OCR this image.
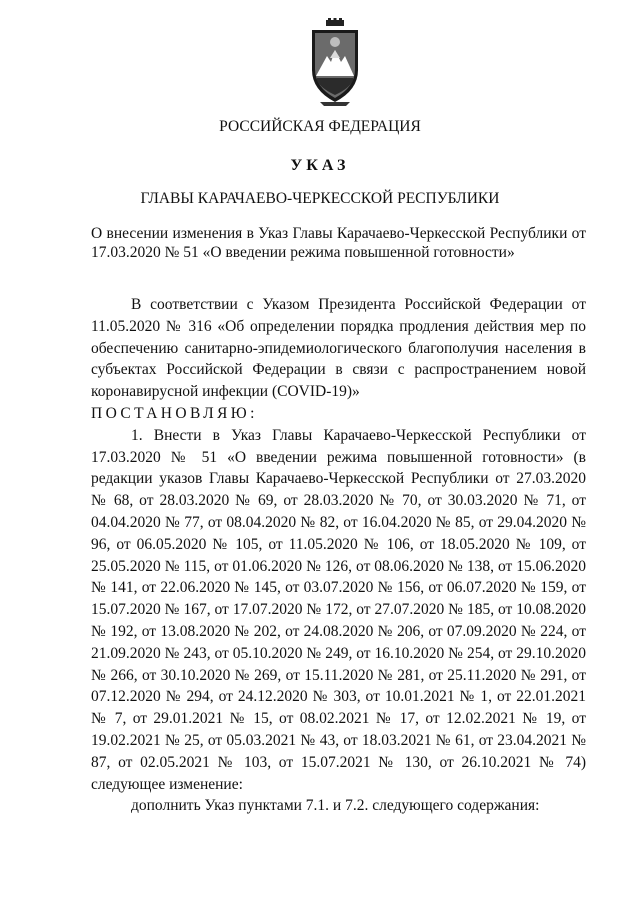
РОССИЙСКАЯ ФЕДЕРАЦИЯ
УКАЗ
ГЛАВЫ КАРАЧАЕВО-ЧЕРКЕССКОЙ РЕСПУБЛИКИ
О внесении изменения в Указ Главы Карачаево-Черкесской Республики от 17.03.2020 № 51 «О введении режима повышенной готовности»

В соответствии с Указом Президента Российской Федерации от 11.05.2020 № 316 «Об определении порядка продления действия мер по обеспечению санитарно-эпидемиологического благополучия населения в субъектах Российской Федерации в связи с распространением новой коронавирусной инфекции (COVID-19)»

ПОСТАНОВЛЯЮ:

1. Внести в Указ Главы Карачаево-Черкесской Республики от 17.03.2020 № 51 «О введении режима повышенной готовности» (в редакции указов Главы Карачаево-Черкесской Республики от 27.03.2020 № 68, от 28.03.2020 № 69, от 28.03.2020 № 70, от 30.03.2020 № 71, от 04.04.2020 № 77, от 08.04.2020 № 82, от 16.04.2020 № 85, от 29.04.2020 № 96, от 06.05.2020 № 105, от 11.05.2020 № 106, от 18.05.2020 № 109, от 25.05.2020 № 115, от 01.06.2020 № 126, от 08.06.2020 № 138, от 15.06.2020 № 141, от 22.06.2020 № 145, от 03.07.2020 № 156, от 06.07.2020 № 159, от 15.07.2020 № 167, от 17.07.2020 № 172, от 27.07.2020 № 185, от 10.08.2020 № 192, от 13.08.2020 № 202, от 24.08.2020 № 206, от 07.09.2020 № 224, от 21.09.2020 № 243, от 05.10.2020 № 249, от 16.10.2020 № 254, от 29.10.2020 № 266, от 30.10.2020 № 269, от 15.11.2020 № 281, от 25.11.2020 № 291, от 07.12.2020 № 294, от 24.12.2020 № 303, от 10.01.2021 № 1, от 22.01.2021 № 7, от 29.01.2021 № 15, от 08.02.2021 № 17, от 12.02.2021 № 19, от 19.02.2021 № 25, от 05.03.2021 № 43, от 18.03.2021 № 61, от 23.04.2021 № 87, от 02.05.2021 № 103, от 15.07.2021 № 130, от 26.10.2021 № 74) следующее изменение:

дополнить Указ пунктами 7.1. и 7.2. следующего содержания:
